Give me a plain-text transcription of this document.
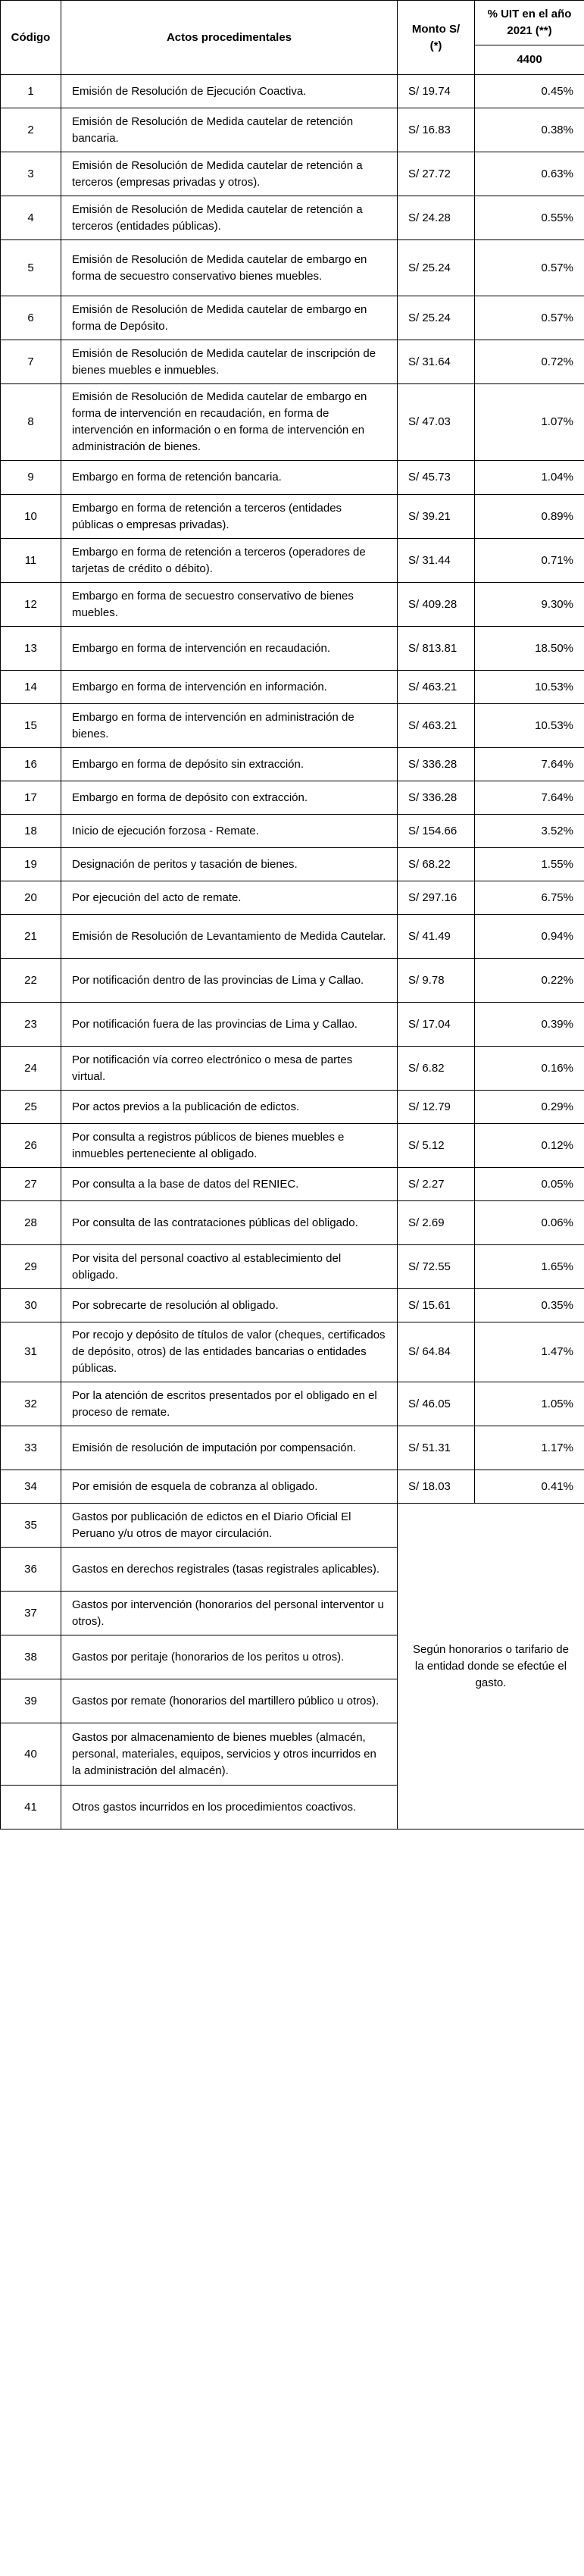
Código	Actos procedimentales	Monto S/ (*)	% UIT en el año 2021 (**)
			4400
1	Emisión de Resolución de Ejecución Coactiva.	S/ 19.74	0.45%
2	Emisión de Resolución de Medida cautelar de retención bancaria.	S/ 16.83	0.38%
3	Emisión de Resolución de Medida cautelar de retención a terceros (empresas privadas y otros).	S/ 27.72	0.63%
4	Emisión de Resolución de Medida cautelar de retención a terceros (entidades públicas).	S/ 24.28	0.55%
5	Emisión de Resolución de Medida cautelar de embargo en forma de secuestro conservativo bienes muebles.	S/ 25.24	0.57%
6	Emisión de Resolución de Medida cautelar de embargo en forma de Depósito.	S/ 25.24	0.57%
7	Emisión de Resolución de Medida cautelar de inscripción de bienes muebles e inmuebles.	S/ 31.64	0.72%
8	Emisión de Resolución de Medida cautelar de embargo en forma de intervención en recaudación, en forma de intervención en información o en forma de intervención en administración de bienes.	S/ 47.03	1.07%
9	Embargo en forma de retención bancaria.	S/ 45.73	1.04%
10	Embargo en forma de retención a terceros (entidades públicas o empresas privadas).	S/ 39.21	0.89%
11	Embargo en forma de retención a terceros (operadores de tarjetas de crédito o débito).	S/ 31.44	0.71%
12	Embargo en forma de secuestro conservativo de bienes muebles.	S/ 409.28	9.30%
13	Embargo en forma de intervención en recaudación.	S/ 813.81	18.50%
14	Embargo en forma de intervención en información.	S/ 463.21	10.53%
15	Embargo en forma de intervención en administración de bienes.	S/ 463.21	10.53%
16	Embargo en forma de depósito sin extracción.	S/ 336.28	7.64%
17	Embargo en forma de depósito con extracción.	S/ 336.28	7.64%
18	Inicio de ejecución forzosa - Remate.	S/ 154.66	3.52%
19	Designación de peritos y tasación de bienes.	S/ 68.22	1.55%
20	Por ejecución del acto de remate.	S/ 297.16	6.75%
21	Emisión de Resolución de Levantamiento de Medida Cautelar.	S/ 41.49	0.94%
22	Por notificación dentro de las provincias de Lima y Callao.	S/ 9.78	0.22%
23	Por notificación fuera de las provincias de Lima y Callao.	S/ 17.04	0.39%
24	Por notificación vía correo electrónico o mesa de partes virtual.	S/ 6.82	0.16%
25	Por actos previos a la publicación de edictos.	S/ 12.79	0.29%
26	Por consulta a registros públicos de bienes muebles e inmuebles perteneciente al obligado.	S/ 5.12	0.12%
27	Por consulta a la base de datos del RENIEC.	S/ 2.27	0.05%
28	Por consulta de las contrataciones públicas del obligado.	S/ 2.69	0.06%
29	Por visita del personal coactivo al establecimiento del obligado.	S/ 72.55	1.65%
30	Por sobrecarte de resolución al obligado.	S/ 15.61	0.35%
31	Por recojo y depósito de títulos de valor (cheques, certificados de depósito, otros) de las entidades bancarias o entidades públicas.	S/ 64.84	1.47%
32	Por la atención de escritos presentados por el obligado en el proceso de remate.	S/ 46.05	1.05%
33	Emisión de resolución de imputación por compensación.	S/ 51.31	1.17%
34	Por emisión de esquela de cobranza al obligado.	S/ 18.03	0.41%
35	Gastos por publicación de edictos en el Diario Oficial El Peruano y/u otros de mayor circulación.	Según honorarios o tarifario de la entidad donde se efectúe el gasto.	
36	Gastos en derechos registrales (tasas registrales aplicables).		
37	Gastos por intervención (honorarios del personal interventor u otros).		
38	Gastos por peritaje (honorarios de los peritos u otros).		
39	Gastos por remate (honorarios del martillero público u otros).		
40	Gastos por almacenamiento de bienes muebles (almacén, personal, materiales, equipos, servicios y otros incurridos en la administración del almacén).		
41	Otros gastos incurridos en los procedimientos coactivos.		
